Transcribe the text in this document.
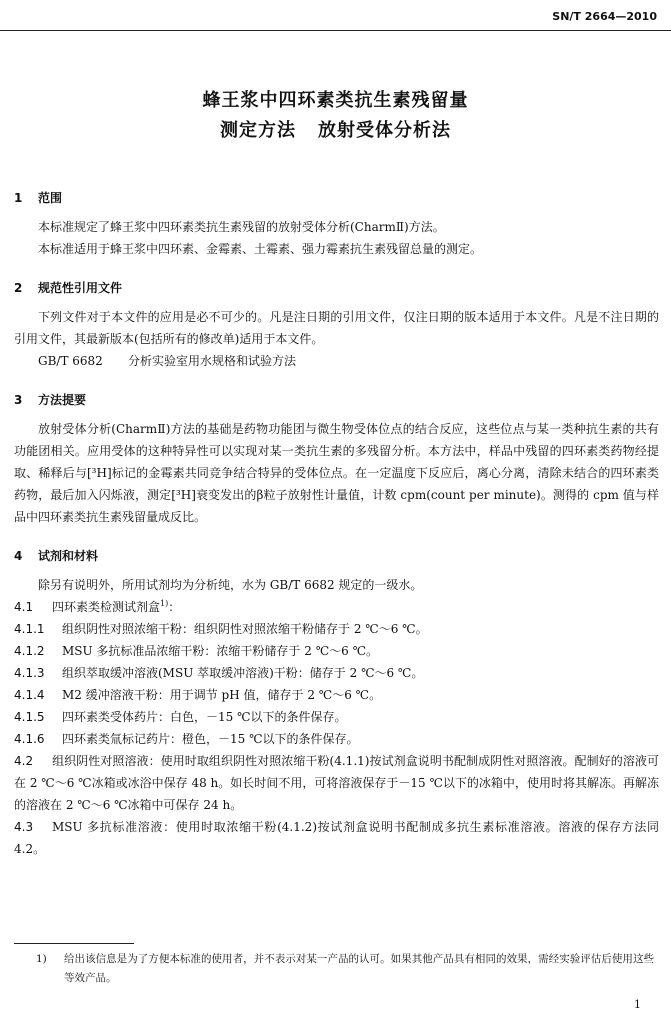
SN/T 2664—2010
蜂王浆中四环素类抗生素残留量
测定方法 放射受体分析法
1 范围
本标准规定了蜂王浆中四环素类抗生素残留的放射受体分析(CharmⅡ)方法。
本标准适用于蜂王浆中四环素、金霉素、土霉素、强力霉素抗生素残留总量的测定。
2 规范性引用文件
下列文件对于本文件的应用是必不可少的。凡是注日期的引用文件，仅注日期的版本适用于本文件。凡是不注日期的引用文件，其最新版本(包括所有的修改单)适用于本文件。
GB/T 6682 分析实验室用水规格和试验方法
3 方法提要
放射受体分析(CharmⅡ)方法的基础是药物功能团与微生物受体位点的结合反应，这些位点与某一类种抗生素的共有功能团相关。应用受体的这种特异性可以实现对某一类抗生素的多残留分析。本方法中，样品中残留的四环素类药物经提取、稀释后与[³H]标记的金霉素共同竞争结合特异的受体位点。在一定温度下反应后，离心分离，清除未结合的四环素类药物，最后加入闪烁液，测定[³H]衰变发出的β粒子放射性计量值，计数 cpm(count per minute)。测得的 cpm 值与样品中四环素类抗生素残留量成反比。
4 试剂和材料
除另有说明外，所用试剂均为分析纯，水为 GB/T 6682 规定的一级水。
4.1 四环素类检测试剂盒$^{1)}$：
4.1.1 组织阴性对照浓缩干粉：组织阴性对照浓缩干粉储存于 2 ℃～6 ℃。
4.1.2 MSU 多抗标准品浓缩干粉：浓缩干粉储存于 2 ℃～6 ℃。
4.1.3 组织萃取缓冲溶液(MSU 萃取缓冲溶液)干粉：储存于 2 ℃～6 ℃。
4.1.4 M2 缓冲溶液干粉：用于调节 pH 值，储存于 2 ℃～6 ℃。
4.1.5 四环素类受体药片：白色，－15 ℃以下的条件保存。
4.1.6 四环素类氚标记药片：橙色，－15 ℃以下的条件保存。
4.2 组织阴性对照溶液：使用时取组织阴性对照浓缩干粉(4.1.1)按试剂盒说明书配制成阴性对照溶液。配制好的溶液可在 2 ℃～6 ℃冰箱或冰浴中保存 48 h。如长时间不用，可将溶液保存于－15 ℃以下的冰箱中，使用时将其解冻。再解冻的溶液在 2 ℃～6 ℃冰箱中可保存 24 h。
4.3 MSU 多抗标准溶液：使用时取浓缩干粉(4.1.2)按试剂盒说明书配制成多抗生素标准溶液。溶液的保存方法同 4.2。
1)	给出该信息是为了方便本标准的使用者，并不表示对某一产品的认可。如果其他产品具有相同的效果，需经实验评估后使用这些等效产品。
1
